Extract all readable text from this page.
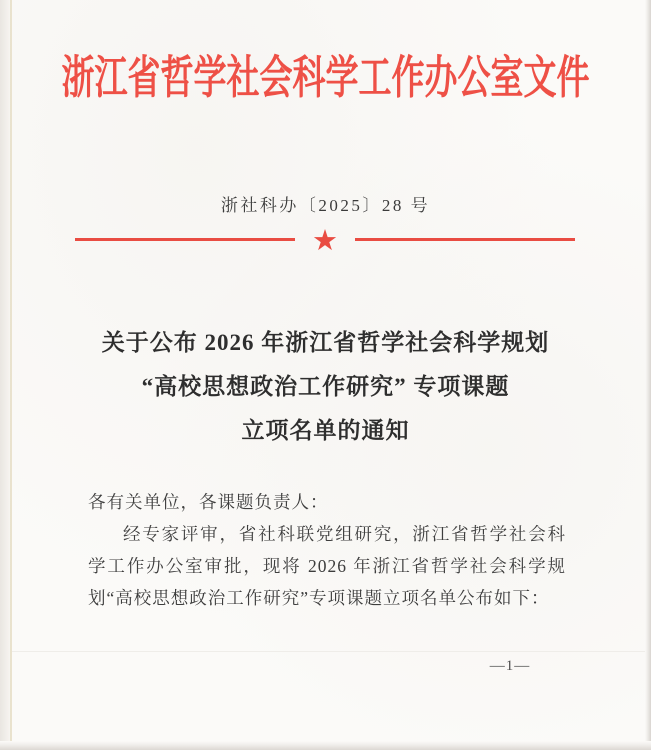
浙江省哲学社会科学工作办公室文件
浙社科办〔2025〕28 号
★
关于公布 2026 年浙江省哲学社会科学规划
“高校思想政治工作研究” 专项课题
立项名单的通知

各有关单位，各课题负责人：

经专家评审，省社科联党组研究，浙江省哲学社会科学工作办公室审批，现将 2026 年浙江省哲学社会科学规划“高校思想政治工作研究”专项课题立项名单公布如下：

—1—
